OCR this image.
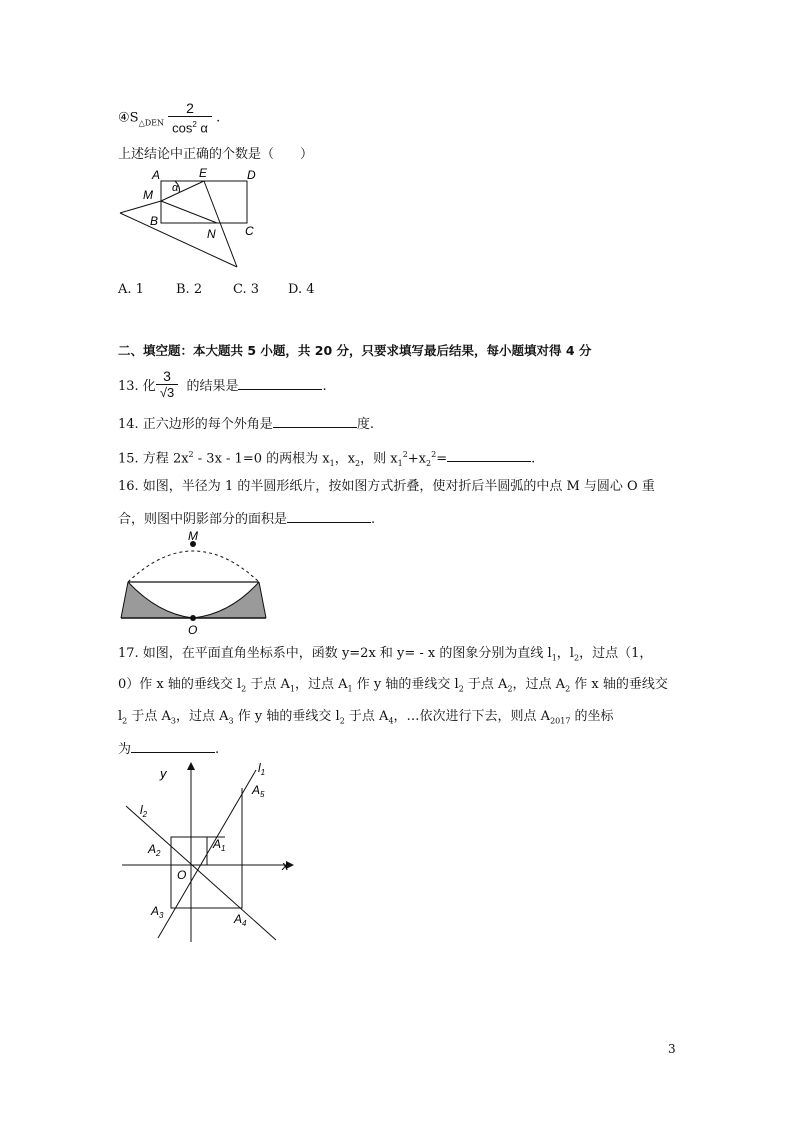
$④S_{\triangle DEN} \frac{2}{\cos^2 \alpha}$ .
上述结论中正确的个数是（　　）
A	E	D
M α
B
N C
A. 1 B. 2 C. 3 D. 4
二、填空题：本大题共 5 小题，共 20 分，只要求填写最后结果，每小题填对得 4 分
13. 化 $\frac{3}{√3}$ 的结果是	.
14. 正六边形的每个外角是	度.
15. 方程 $2x^2 - 3x - 1=0$ 的两根为 $x_1$，$x_2$，则 $x_1^2+x_2^2=$	.
16. 如图，半径为 1 的半圆形纸片，按如图方式折叠，使对折后半圆弧的中点 M 与圆心 O 重
合，则图中阴影部分的面积是	.
M
O
17. 如图，在平面直角坐标系中，函数 y=2x 和 y= - x 的图象分别为直线 $l_1$，$l_2$，过点（1，
0）作 x 轴的垂线交 $l_2$ 于点 $A_1$，过点 $A_1$ 作 y 轴的垂线交 $l_2$ 于点 $A_2$，过点 $A_2$ 作 x 轴的垂线交
$l_2$ 于点 $A_3$，过点 $A_3$ 作 y 轴的垂线交 $l_2$ 于点 $A_4$，…依次进行下去，则点 $A_{2017}$ 的坐标
为	.
y
x
O
$l_1$
$l_2$
$A_1$
$A_2$
$A_3$	$A_4$
$A_5$
3
